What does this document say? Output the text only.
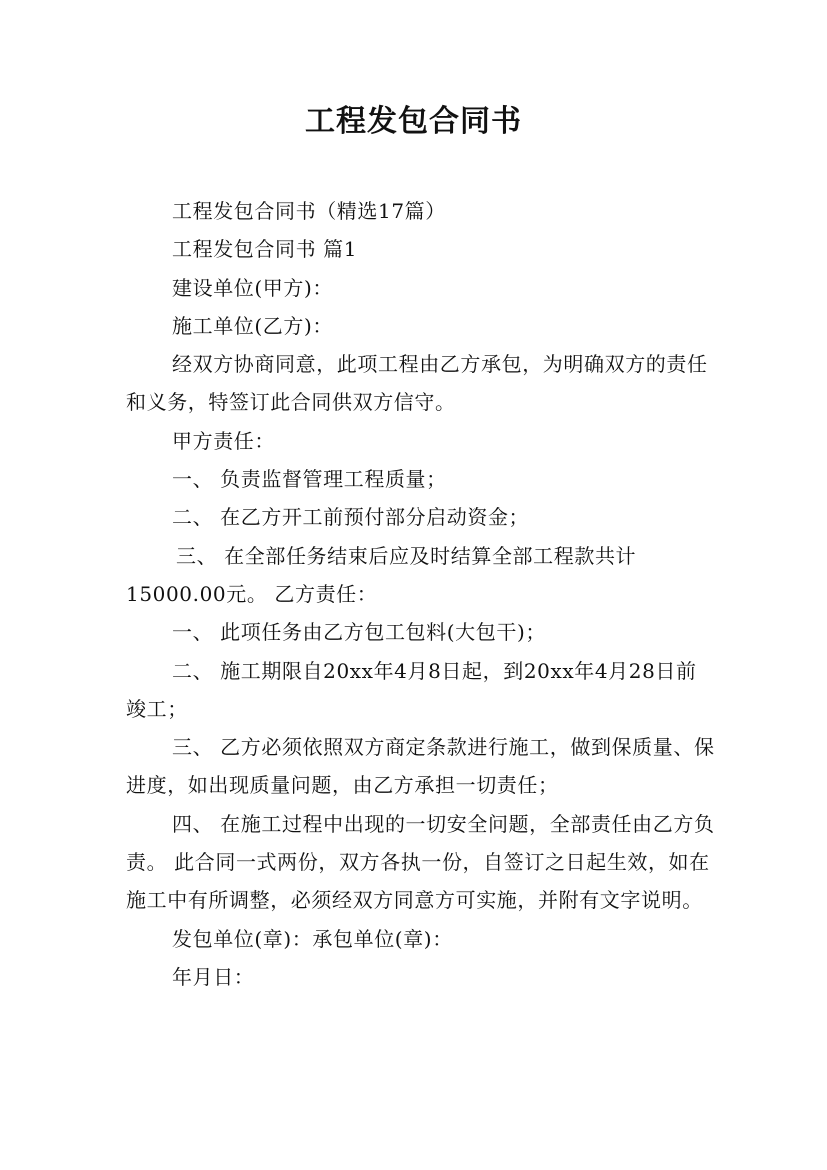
工程发包合同书

工程发包合同书（精选17篇）

工程发包合同书 篇1

建设单位(甲方)：

施工单位(乙方)：

经双方协商同意，此项工程由乙方承包，为明确双方的责任和义务，特签订此合同供双方信守。

甲方责任：

一、 负责监督管理工程质量；

二、 在乙方开工前预付部分启动资金；

三、 在全部任务结束后应及时结算全部工程款共计15000.00元。 乙方责任：

一、 此项任务由乙方包工包料(大包干)；

二、 施工期限自20xx年4月8日起，到20xx年4月28日前竣工；

三、 乙方必须依照双方商定条款进行施工，做到保质量、保进度，如出现质量问题，由乙方承担一切责任；

四、 在施工过程中出现的一切安全问题，全部责任由乙方负责。 此合同一式两份，双方各执一份，自签订之日起生效，如在施工中有所调整，必须经双方同意方可实施，并附有文字说明。

发包单位(章)：承包单位(章)：

年月日：
